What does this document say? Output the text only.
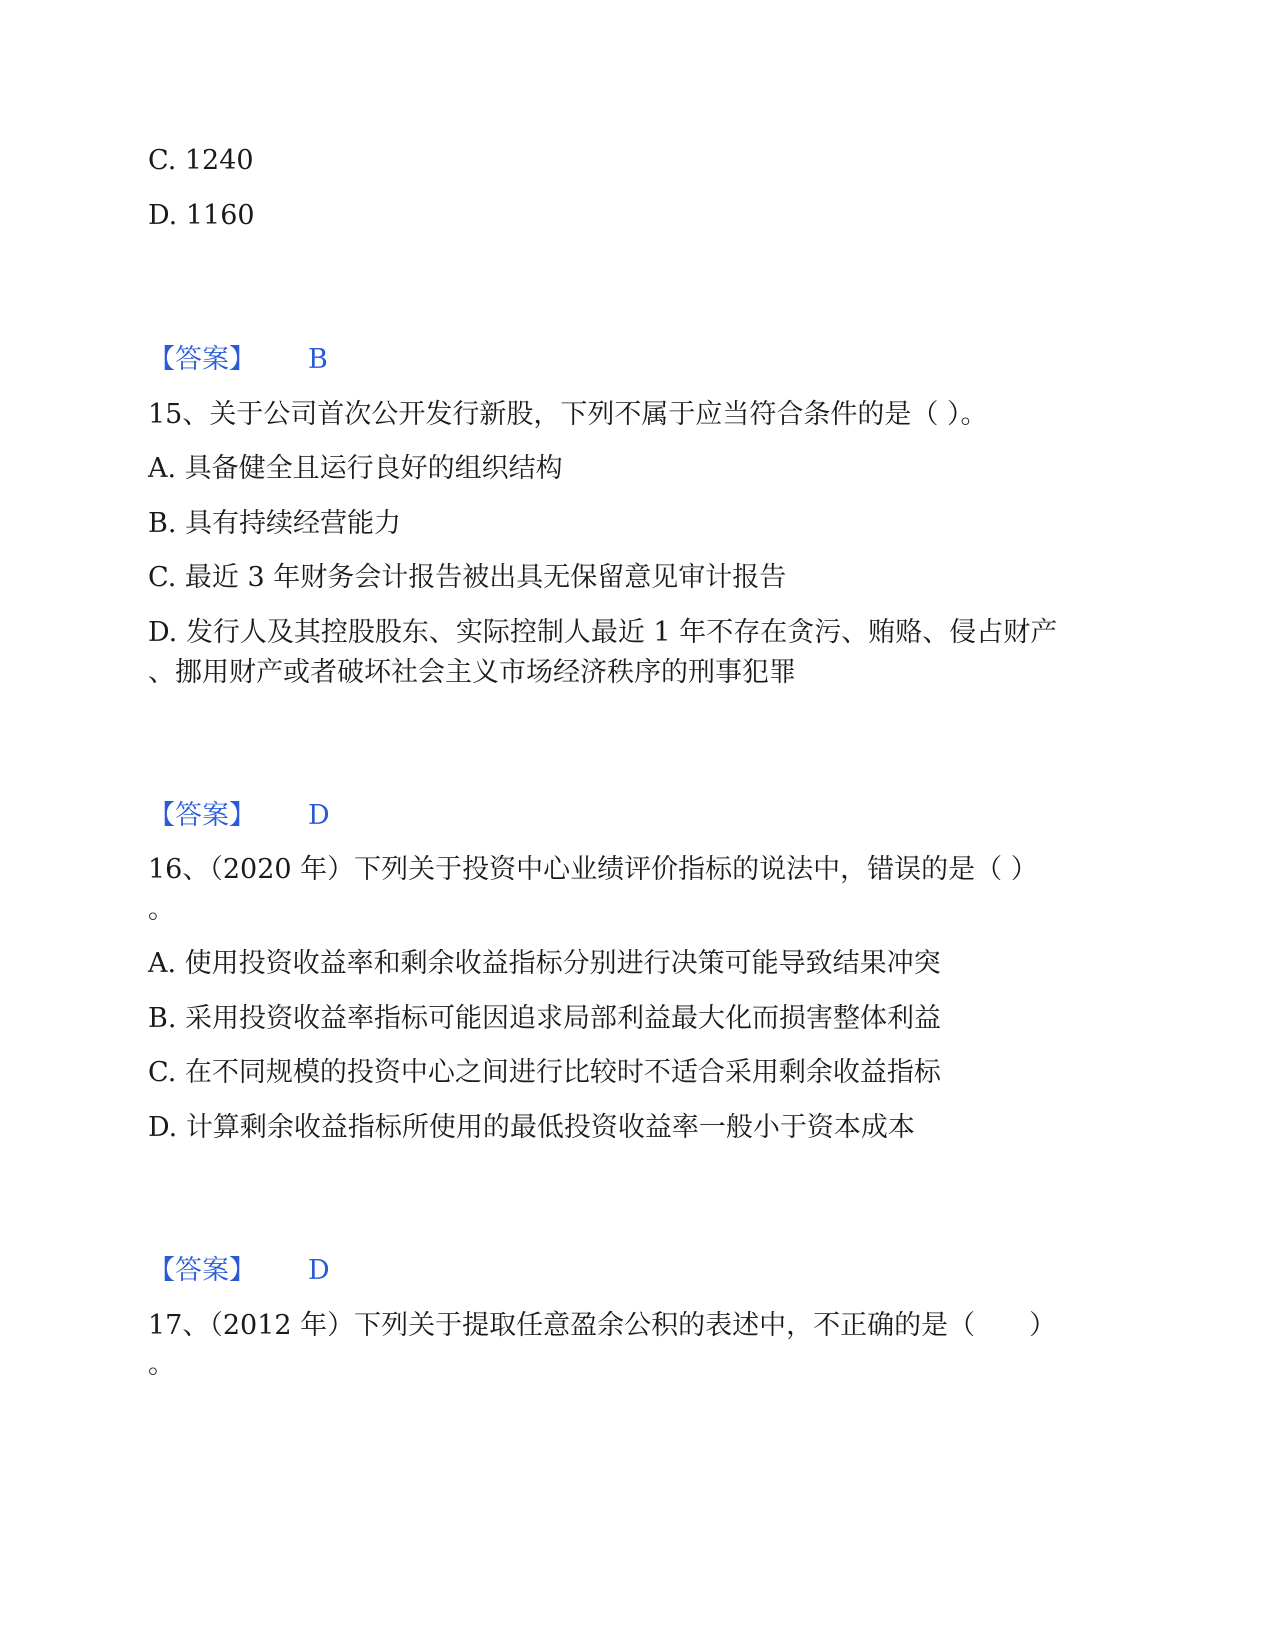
C. 1240
D. 1160
【答案】 B
15、关于公司首次公开发行新股，下列不属于应当符合条件的是（ ）。
A. 具备健全且运行良好的组织结构
B. 具有持续经营能力
C. 最近 3 年财务会计报告被出具无保留意见审计报告
D. 发行人及其控股股东、实际控制人最近 1 年不存在贪污、贿赂、侵占财产
、挪用财产或者破坏社会主义市场经济秩序的刑事犯罪
【答案】 D
16、（2020 年）下列关于投资中心业绩评价指标的说法中，错误的是（ ）
。
A. 使用投资收益率和剩余收益指标分别进行决策可能导致结果冲突
B. 采用投资收益率指标可能因追求局部利益最大化而损害整体利益
C. 在不同规模的投资中心之间进行比较时不适合采用剩余收益指标
D. 计算剩余收益指标所使用的最低投资收益率一般小于资本成本
【答案】 D
17、（2012 年）下列关于提取任意盈余公积的表述中，不正确的是（　　）
。
